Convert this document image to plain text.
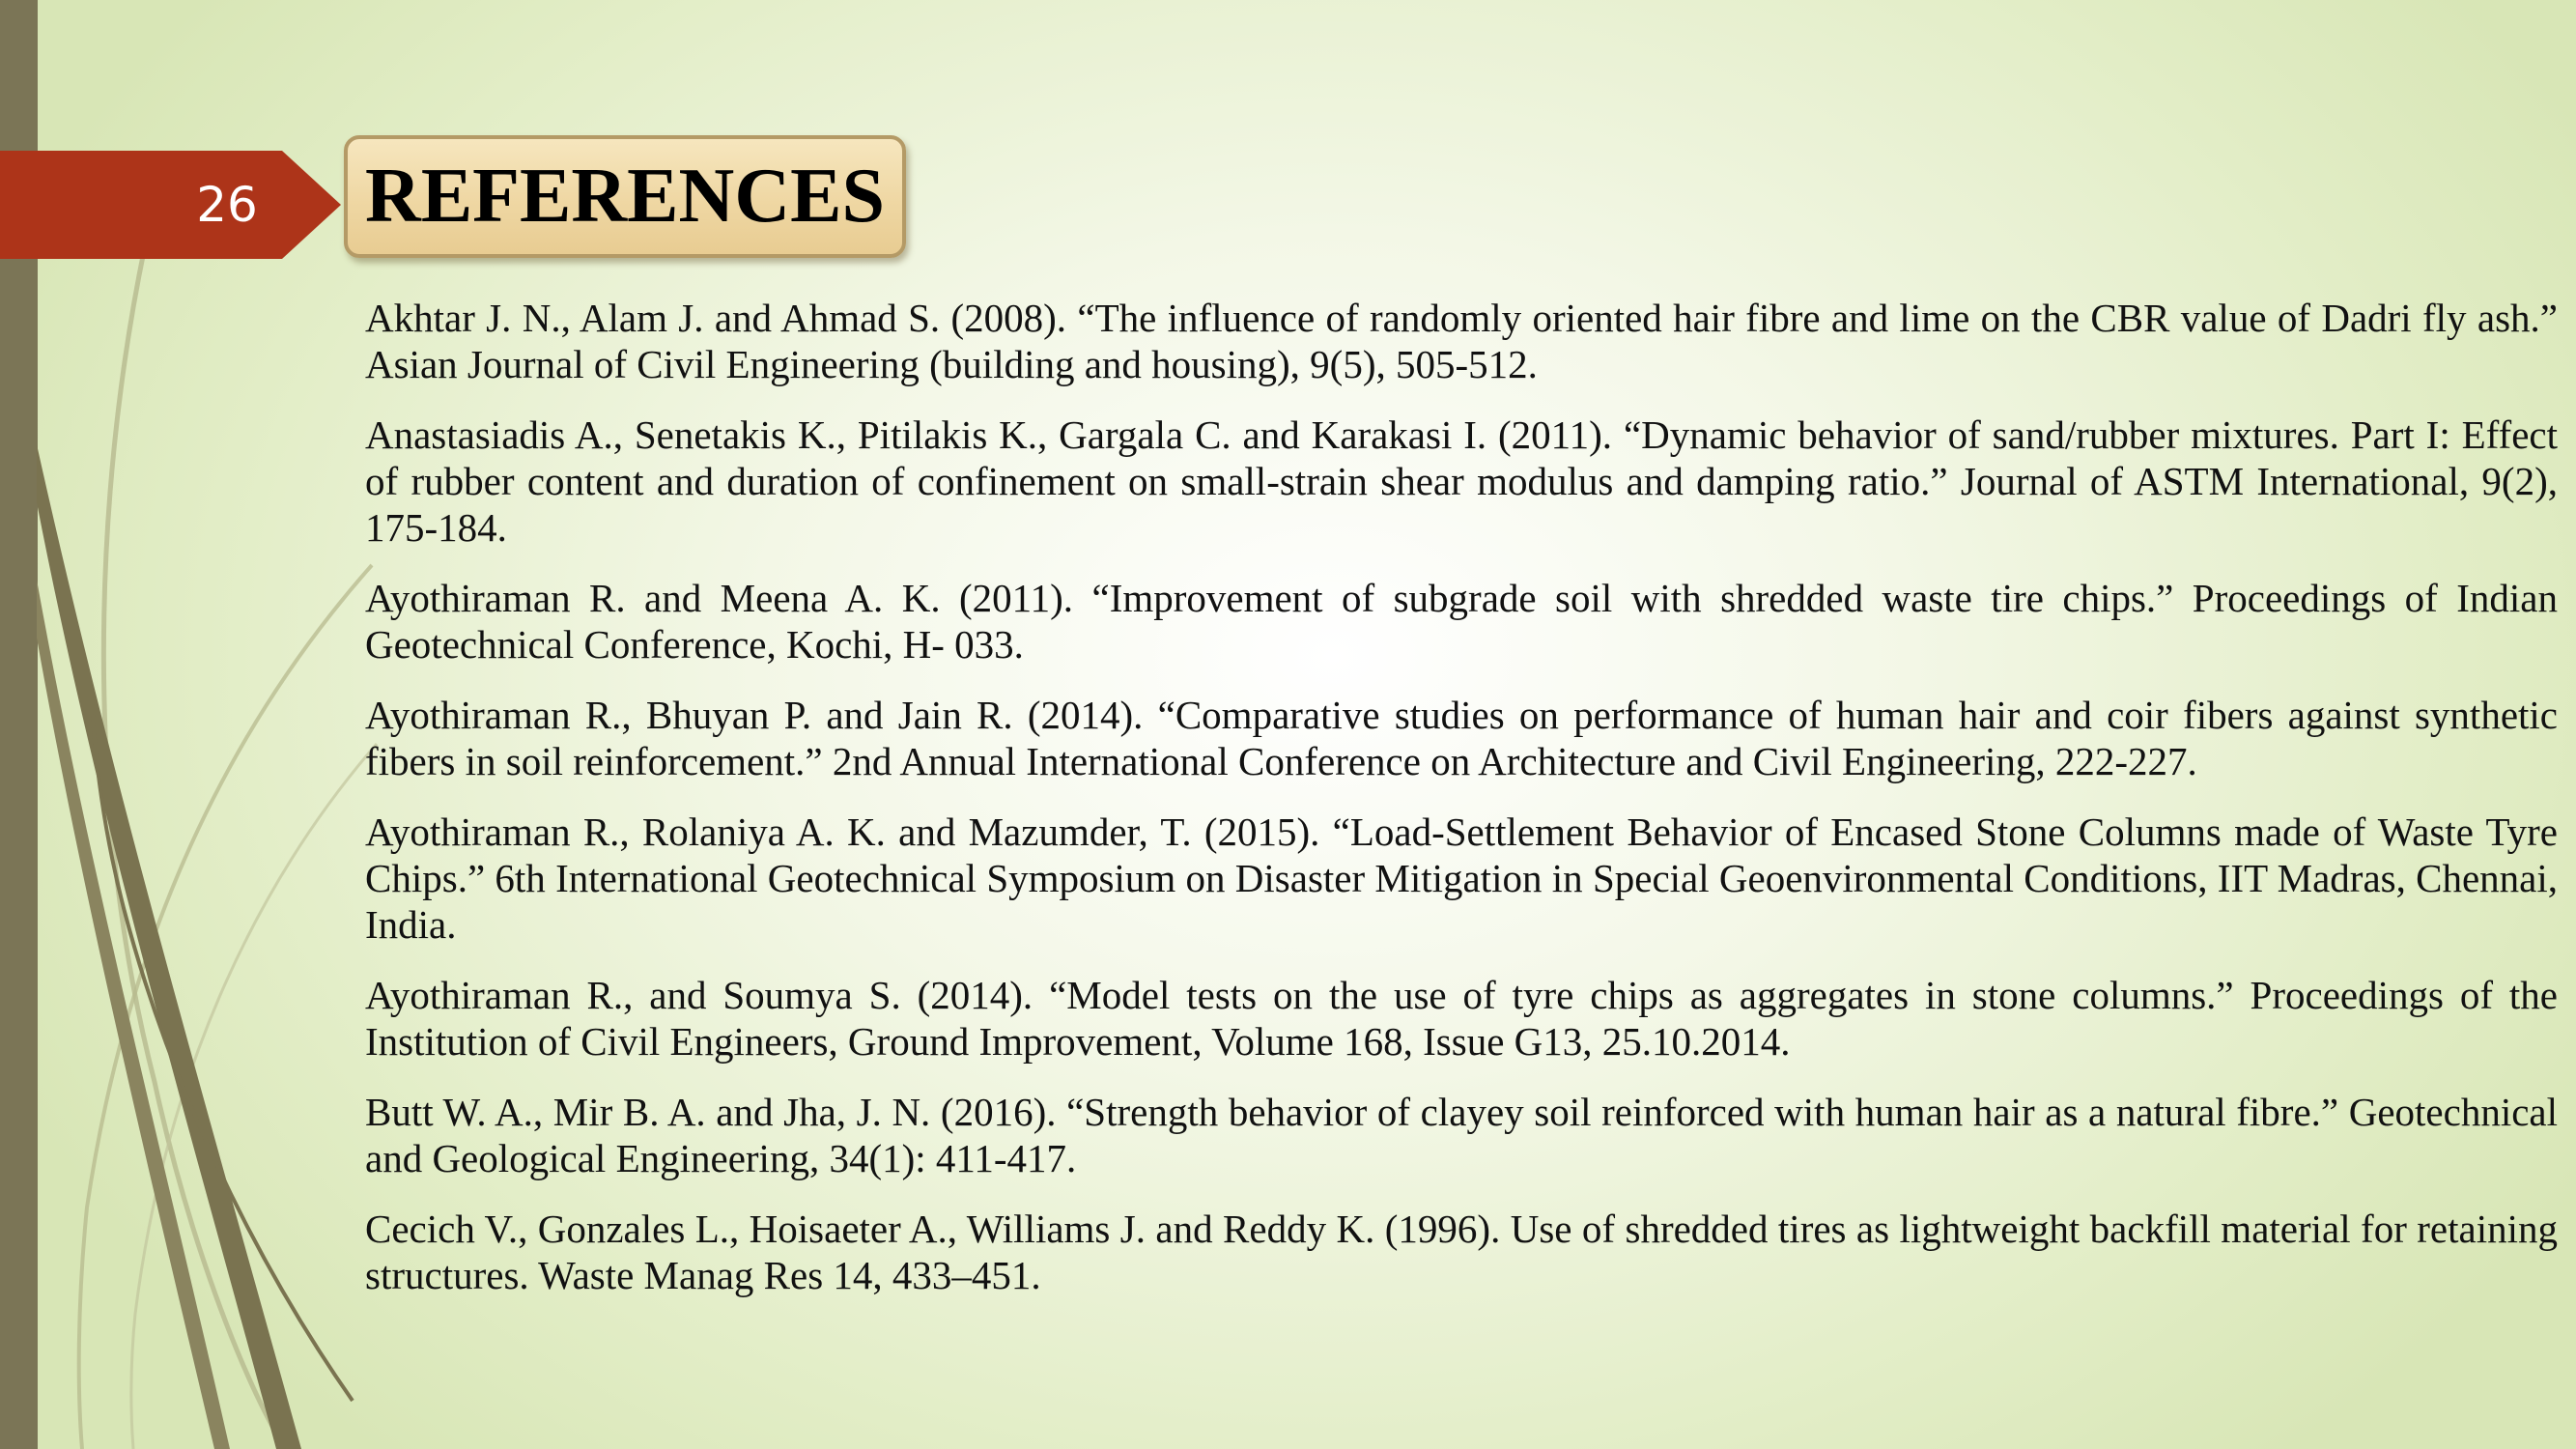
26 REFERENCES

Akhtar J. N., Alam J. and Ahmad S. (2008). “The influence of randomly oriented hair fibre and lime on the CBR value of Dadri fly ash.” Asian Journal of Civil Engineering (building and housing), 9(5), 505-512.

Anastasiadis A., Senetakis K., Pitilakis K., Gargala C. and Karakasi I. (2011). “Dynamic behavior of sand/rubber mixtures. Part I: Effect of rubber content and duration of confinement on small-strain shear modulus and damping ratio.” Journal of ASTM International, 9(2), 175-184.

Ayothiraman R. and Meena A. K. (2011). “Improvement of subgrade soil with shredded waste tire chips.” Proceedings of Indian Geotechnical Conference, Kochi, H- 033.

Ayothiraman R., Bhuyan P. and Jain R. (2014). “Comparative studies on performance of human hair and coir fibers against synthetic fibers in soil reinforcement.” 2nd Annual International Conference on Architecture and Civil Engineering, 222-227.

Ayothiraman R., Rolaniya A. K. and Mazumder, T. (2015). “Load-Settlement Behavior of Encased Stone Columns made of Waste Tyre Chips.” 6th International Geotechnical Symposium on Disaster Mitigation in Special Geoenvironmental Conditions, IIT Madras, Chennai, India.

Ayothiraman R., and Soumya S. (2014). “Model tests on the use of tyre chips as aggregates in stone columns.” Proceedings of the Institution of Civil Engineers, Ground Improvement, Volume 168, Issue G13, 25.10.2014.

Butt W. A., Mir B. A. and Jha, J. N. (2016). “Strength behavior of clayey soil reinforced with human hair as a natural fibre.” Geotechnical and Geological Engineering, 34(1): 411-417.

Cecich V., Gonzales L., Hoisaeter A., Williams J. and Reddy K. (1996). Use of shredded tires as lightweight backfill material for retaining structures. Waste Manag Res 14, 433–451.
